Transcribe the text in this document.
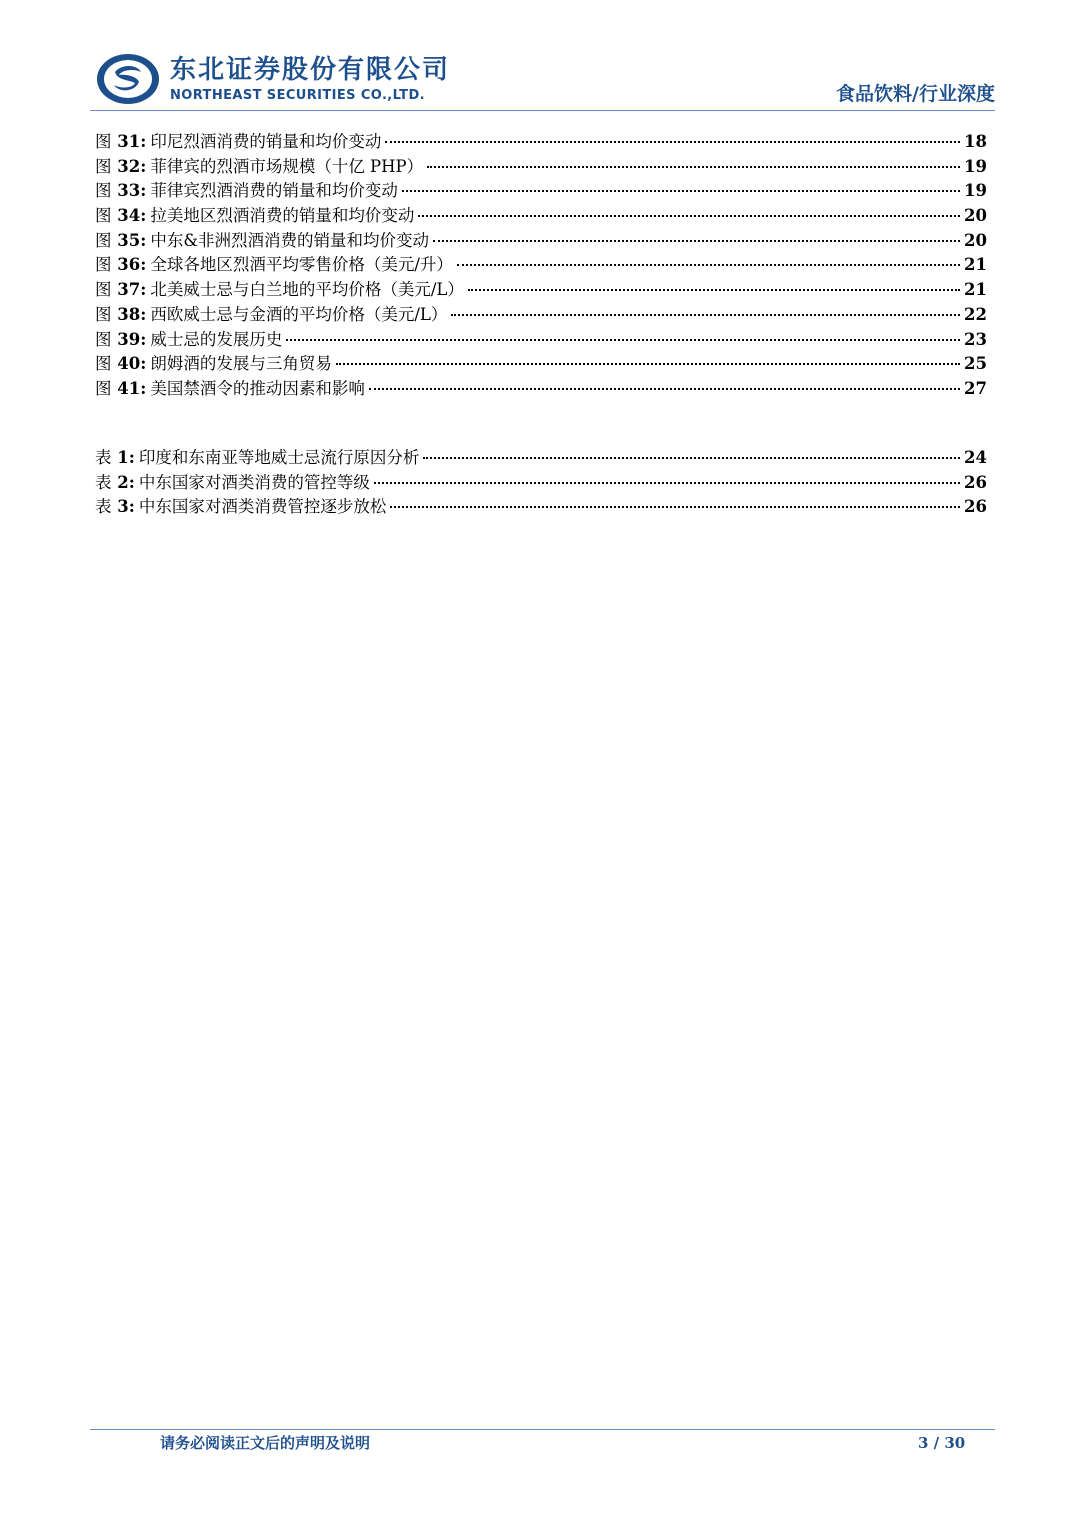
东北证券股份有限公司

NORTHEAST SECURITIES CO.,LTD.	食品饮料/行业深度
图 31: 印尼烈酒消费的销量和均价变动	18
图 32: 菲律宾的烈酒市场规模（十亿 PHP）	19
图 33: 菲律宾烈酒消费的销量和均价变动	19
图 34: 拉美地区烈酒消费的销量和均价变动	20
图 35: 中东&非洲烈酒消费的销量和均价变动	20
图 36: 全球各地区烈酒平均零售价格（美元/升）	21
图 37: 北美威士忌与白兰地的平均价格（美元/L）	21
图 38: 西欧威士忌与金酒的平均价格（美元/L）	22
图 39: 威士忌的发展历史	23
图 40: 朗姆酒的发展与三角贸易	25
图 41: 美国禁酒令的推动因素和影响	27
表 1: 印度和东南亚等地威士忌流行原因分析	24
表 2: 中东国家对酒类消费的管控等级	26
表 3: 中东国家对酒类消费管控逐步放松	26
请务必阅读正文后的声明及说明	3 / 30
